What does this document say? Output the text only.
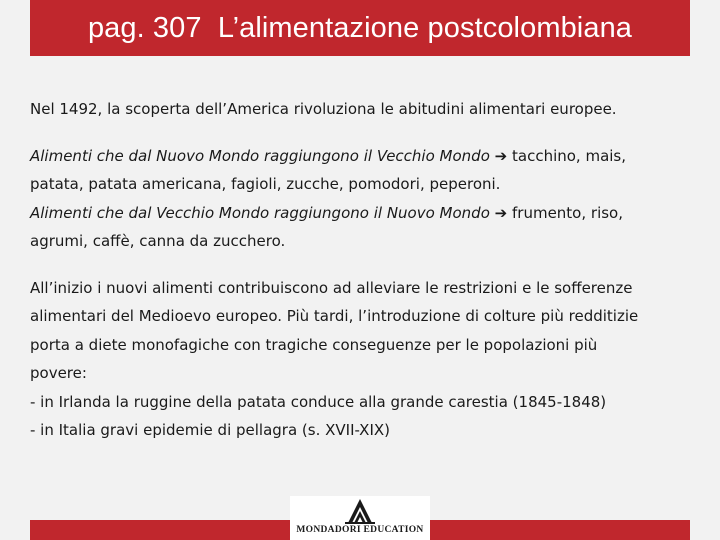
pag. 307  L’alimentazione postcolombiana

Nel 1492, la scoperta dell’America rivoluziona le abitudini alimentari europee.

Alimenti che dal Nuovo Mondo raggiungono il Vecchio Mondo ➔ tacchino, mais,

patata, patata americana, fagioli, zucche, pomodori, peperoni.

Alimenti che dal Vecchio Mondo raggiungono il Nuovo Mondo ➔ frumento, riso,

agrumi, caffè, canna da zucchero.

All’inizio i nuovi alimenti contribuiscono ad alleviare le restrizioni e le sofferenze

alimentari del Medioevo europeo. Più tardi, l’introduzione di colture più redditizie

porta a diete monofagiche con tragiche conseguenze per le popolazioni più

povere:

- in Irlanda la ruggine della patata conduce alla grande carestia (1845-1848)

- in Italia gravi epidemie di pellagra (s. XVII-XIX)

MONDADORI EDUCATION
